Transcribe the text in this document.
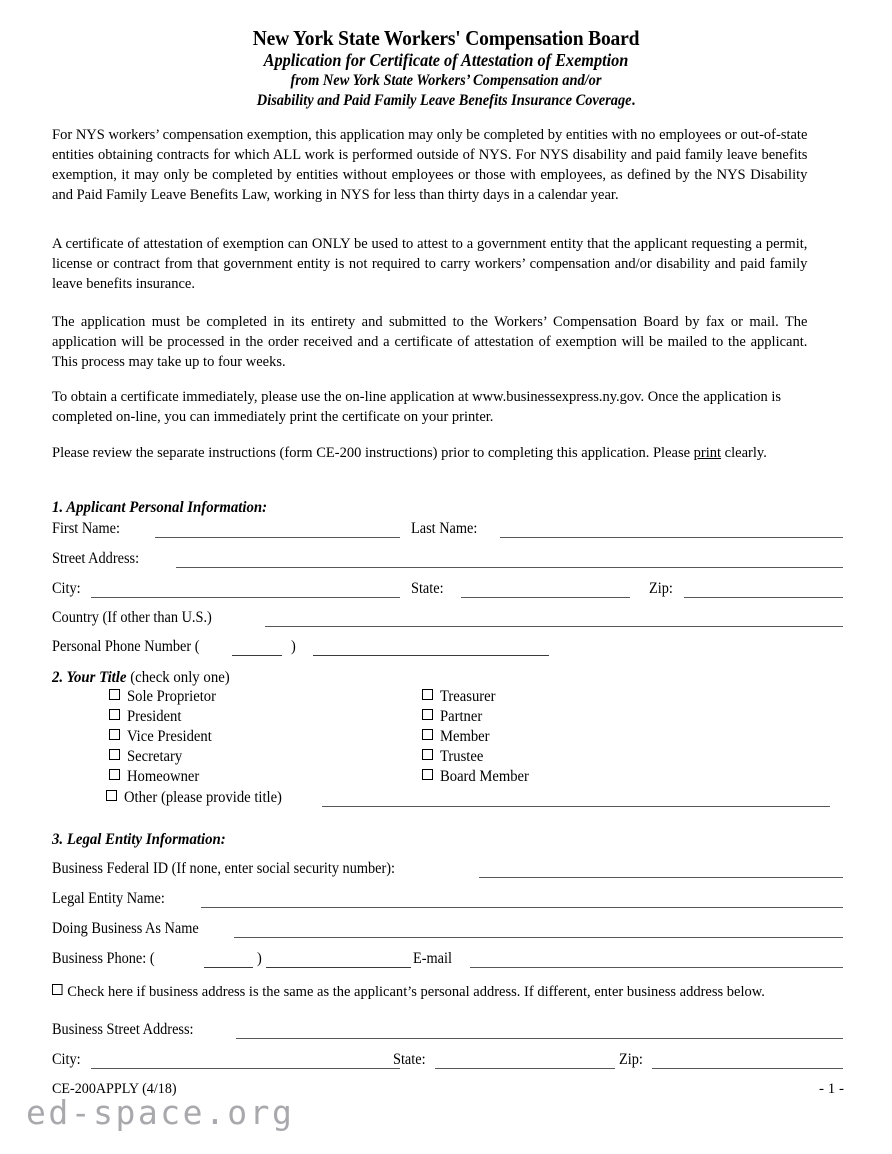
New York State Workers' Compensation Board
Application for Certificate of Attestation of Exemption
from New York State Workers’ Compensation and/or
Disability and Paid Family Leave Benefits Insurance Coverage.
For NYS workers’ compensation exemption, this application may only be completed by entities with no employees or out-of-state entities obtaining contracts for which ALL work is performed outside of NYS. For NYS disability and paid family leave benefits exemption, it may only be completed by entities without employees or those with employees, as defined by the NYS Disability and Paid Family Leave Benefits Law, working in NYS for less than thirty days in a calendar year.
A certificate of attestation of exemption can ONLY be used to attest to a government entity that the applicant requesting a permit, license or contract from that government entity is not required to carry workers’ compensation and/or disability and paid family leave benefits insurance.
The application must be completed in its entirety and submitted to the Workers’ Compensation Board by fax or mail. The application will be processed in the order received and a certificate of attestation of exemption will be mailed to the applicant. This process may take up to four weeks.
To obtain a certificate immediately, please use the on-line application at www.businessexpress.ny.gov. Once the application is completed on-line, you can immediately print the certificate on your printer.
Please review the separate instructions (form CE-200 instructions) prior to completing this application. Please print clearly.
1. Applicant Personal Information:
First Name:	Last Name:
Street Address:
City:	State:	Zip:
Country (If other than U.S.)
Personal Phone Number (	)
2. Your Title (check only one)
Sole Proprietor
President
Vice President
Secretary
Homeowner
Treasurer
Partner
Member
Trustee
Board Member
Other (please provide title)
3. Legal Entity Information:
Business Federal ID (If none, enter social security number):
Legal Entity Name:
Doing Business As Name
Business Phone: (	)	E-mail
Check here if business address is the same as the applicant’s personal address. If different, enter business address below.
Business Street Address:
City:	State:	Zip:
CE-200APPLY (4/18)	- 1 -
ed-space.org
